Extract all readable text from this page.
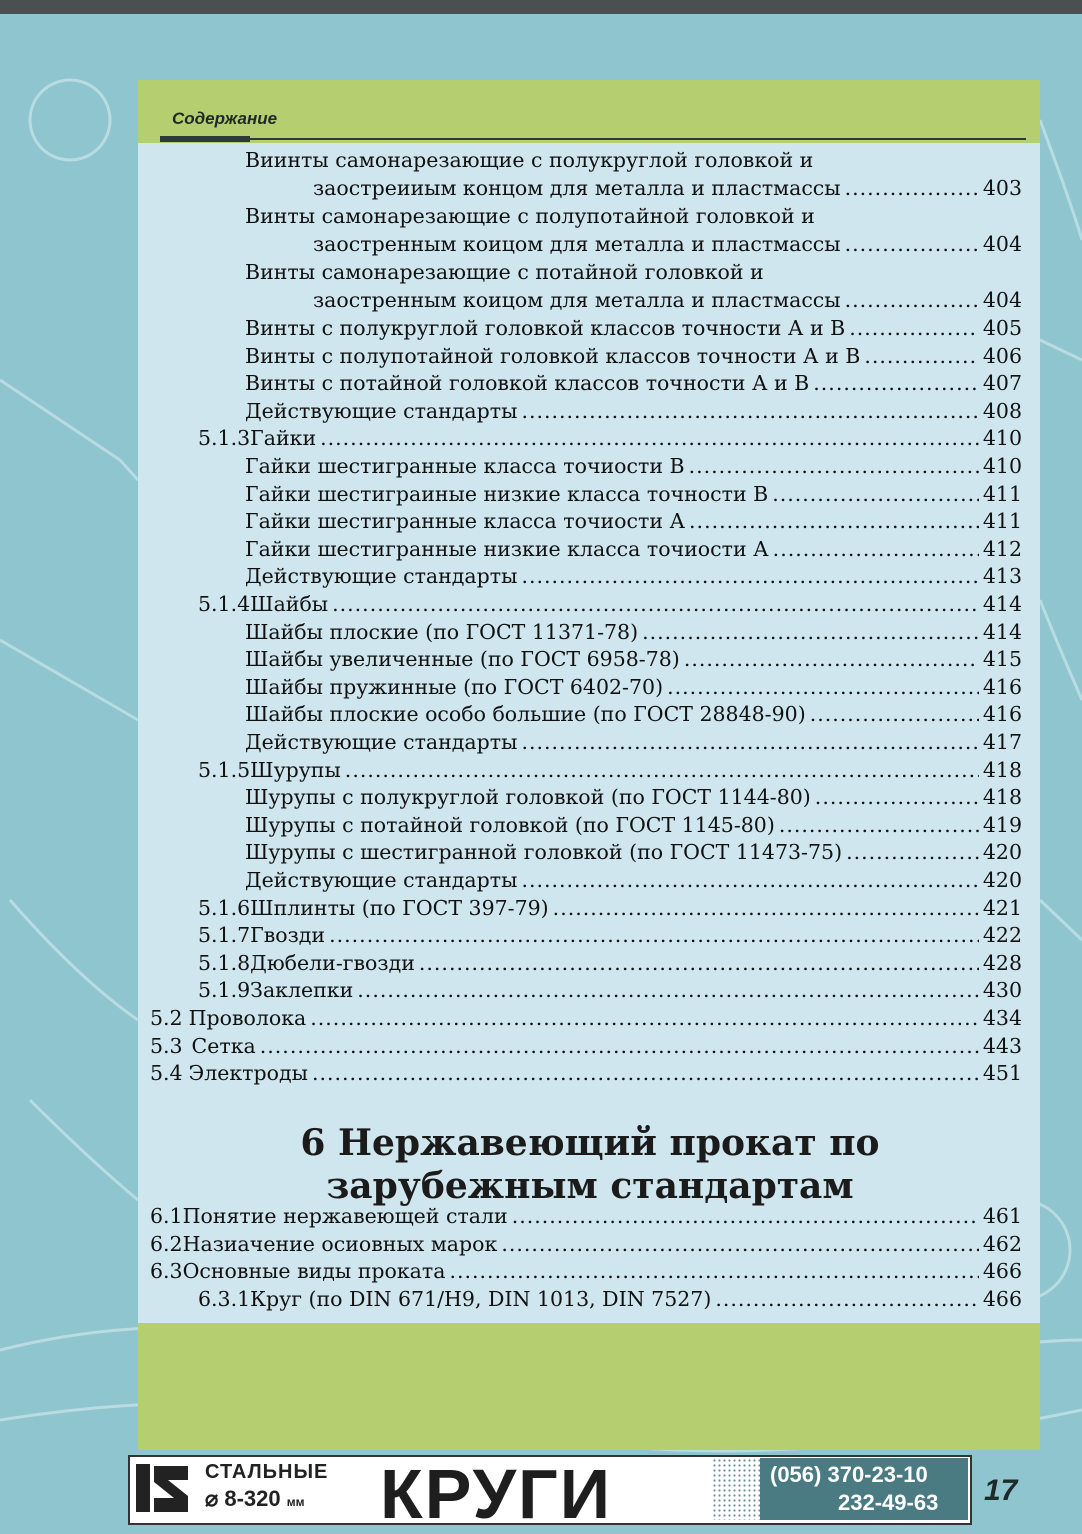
Содержание
Виинты самонарезающие с полукруглой головкой и
заостреииым концом для металла и пластмассы .....	403
Винты самонарезающие с полупотайной головкой и
заостренным коицом для металла и пластмассы .....	404
Винты самонарезающие с потайной головкой и
заостренным коицом для металла и пластмассы .....	404
Винты с полукруглой головкой классов точности А и В .....	405
Винты с полупотайной головкой классов точности А и В .....	406
Винты с потайной головкой классов точности А и В .....	407
Действующие стандарты .....	408
5.1.3 Гайки .....	410
Гайки шестигранные класса точиости В .....	410
Гайки шестиграиные низкие класса точности В .....	411
Гайки шестигранные класса точиости А .....	411
Гайки шестигранные низкие класса точиости А .....	412
Действующие стандарты .....	413
5.1.4 Шайбы .....	414
Шайбы плоские (по ГОСТ 11371-78) .....	414
Шайбы увеличенные (по ГОСТ 6958-78) .....	415
Шайбы пружинные (по ГОСТ 6402-70) .....	416
Шайбы плоские особо большие (по ГОСТ 28848-90) .....	416
Действующие стандарты .....	417
5.1.5 Шурупы .....	418
Шурупы с полукруглой головкой (по ГОСТ 1144-80) .....	418
Шурупы с потайной головкой (по ГОСТ 1145-80) .....	419
Шурупы с шестигранной головкой (по ГОСТ 11473-75) .....	420
Действующие стандарты .....	420
5.1.6 Шплинты (по ГОСТ 397-79) .....	421
5.1.7 Гвозди .....	422
5.1.8 Дюбели-гвозди .....	428
5.1.9 Заклепки .....	430
5.2 Проволока .....	434
5.3 Сетка .....	443
5.4 Электроды .....	451
6.1 Понятие нержавеющей стали .....	461
6.2 Назиачение осиовных марок .....	462
6.3 Основные виды проката .....	466
6.3.1 Круг (по DIN 671/H9, DIN 1013, DIN 7527) .....	466
6 Нержавеющий прокат по
зарубежным стандартам
СТАЛЬНЫЕ
⌀ 8-320 мм КРУГИ	(056) 370-23-10
232-49-63 17
